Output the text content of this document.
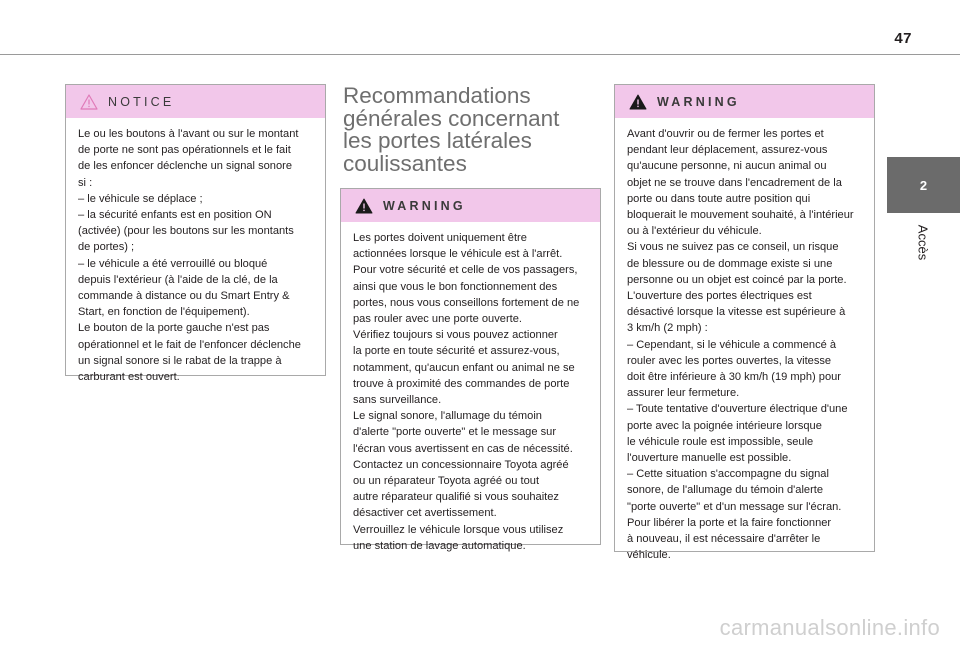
47
2
Accès
NOTICE

Le ou les boutons à l'avant ou sur le montant

de porte ne sont pas opérationnels et le fait

de les enfoncer déclenche un signal sonore

si :

– le véhicule se déplace ;

– la sécurité enfants est en position ON

(activée) (pour les boutons sur les montants

de portes) ;

– le véhicule a été verrouillé ou bloqué

depuis l'extérieur (à l'aide de la clé, de la

commande à distance ou du Smart Entry &

Start, en fonction de l'équipement).

Le bouton de la porte gauche n'est pas

opérationnel et le fait de l'enfoncer déclenche

un signal sonore si le rabat de la trappe à

carburant est ouvert.

Recommandations
générales concernant
les portes latérales
coulissantes
WARNING

Les portes doivent uniquement être

actionnées lorsque le véhicule est à l'arrêt.

Pour votre sécurité et celle de vos passagers,

ainsi que vous le bon fonctionnement des

portes, nous vous conseillons fortement de ne

pas rouler avec une porte ouverte.

Vérifiez toujours si vous pouvez actionner

la porte en toute sécurité et assurez-vous,

notamment, qu'aucun enfant ou animal ne se

trouve à proximité des commandes de porte

sans surveillance.

Le signal sonore, l'allumage du témoin

d'alerte "porte ouverte" et le message sur

l'écran vous avertissent en cas de nécessité.

Contactez un concessionnaire Toyota agréé

ou un réparateur Toyota agréé ou tout

autre réparateur qualifié si vous souhaitez

désactiver cet avertissement.

Verrouillez le véhicule lorsque vous utilisez

une station de lavage automatique.

WARNING

Avant d'ouvrir ou de fermer les portes et

pendant leur déplacement, assurez-vous

qu'aucune personne, ni aucun animal ou

objet ne se trouve dans l'encadrement de la

porte ou dans toute autre position qui

bloquerait le mouvement souhaité, à l'intérieur

ou à l'extérieur du véhicule.

Si vous ne suivez pas ce conseil, un risque

de blessure ou de dommage existe si une

personne ou un objet est coincé par la porte.

L'ouverture des portes électriques est

désactivé lorsque la vitesse est supérieure à

3 km/h (2 mph) :

– Cependant, si le véhicule a commencé à

rouler avec les portes ouvertes, la vitesse

doit être inférieure à 30 km/h (19 mph) pour

assurer leur fermeture.

– Toute tentative d'ouverture électrique d'une

porte avec la poignée intérieure lorsque

le véhicule roule est impossible, seule

l'ouverture manuelle est possible.

– Cette situation s'accompagne du signal

sonore, de l'allumage du témoin d'alerte

"porte ouverte" et d'un message sur l'écran.

Pour libérer la porte et la faire fonctionner

à nouveau, il est nécessaire d'arrêter le

véhicule.

carmanualsonline.info
